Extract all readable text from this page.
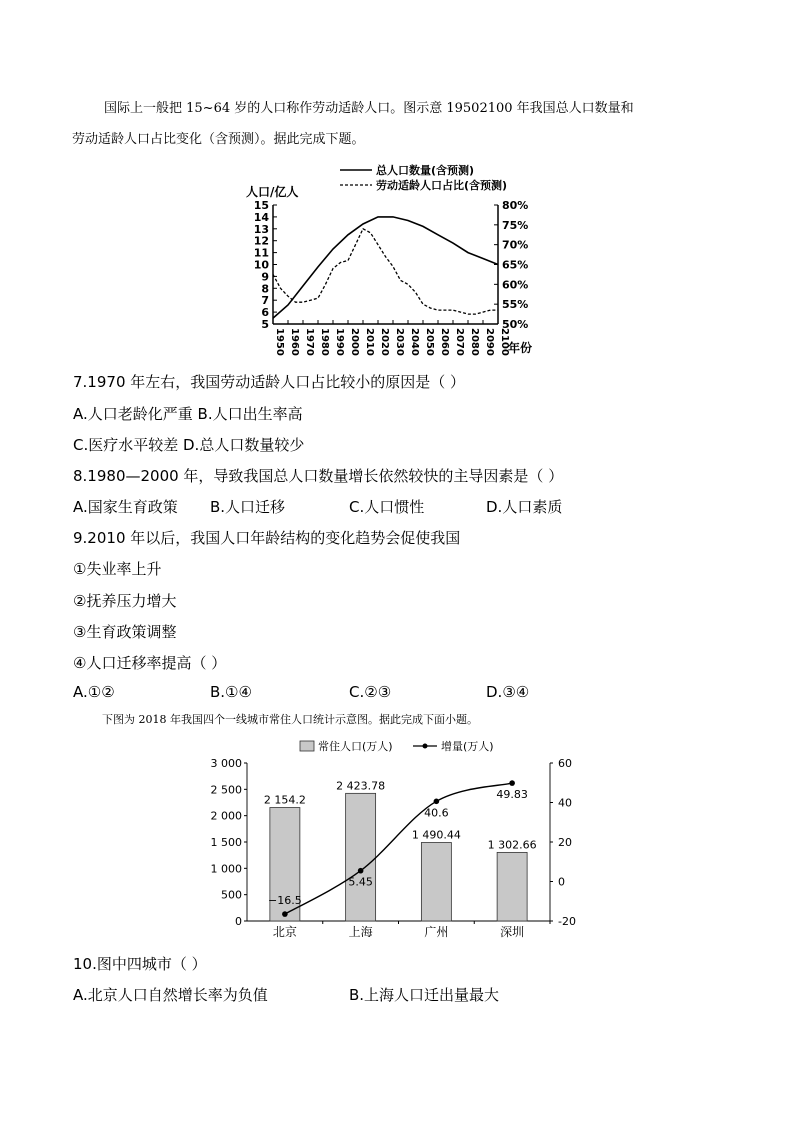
国际上一般把 15~64 岁的人口称作劳动适龄人口。图示意 19502100 年我国总人口数量和

劳动适龄人口占比变化（含预测）。据此完成下题。

总人口数量(含预测)
劳动适龄人口占比(含预测)
人口/亿人
5
6
7
8
9
10
11
12
13
14
15
50%
55%
60%
65%
70%
75%
80%
1950 1960 1970 1980 1990 2000 2010 2020 2030 2040 2050 2060 2070 2080 2090 2100
年份

7.1970 年左右，我国劳动适龄人口占比较小的原因是（ ）

A.人口老龄化严重 B.人口出生率高

C.医疗水平较差 D.总人口数量较少

8.1980—2000 年，导致我国总人口数量增长依然较快的主导因素是（ ）

A.国家生育政策 B.人口迁移	C.人口惯性	D.人口素质

9.2010 年以后，我国人口年龄结构的变化趋势会促使我国

①失业率上升

②抚养压力增大

③生育政策调整

④人口迁移率提高（ ）

A.①②	B.①④	C.②③	D.③④

下图为 2018 年我国四个一线城市常住人口统计示意图。据此完成下面小题。

常住人口(万人)	增量(万人)
0
500
1 000
1 500
2 000
2 500
3 000
-20
0
20
40
60
2 154.2
北京
2 423.78
上海
1 490.44
广州
1 302.66
深圳
−16.5
5.45
40.6
49.83

10.图中四城市（ ）

A.北京人口自然增长率为负值	B.上海人口迁出量最大
